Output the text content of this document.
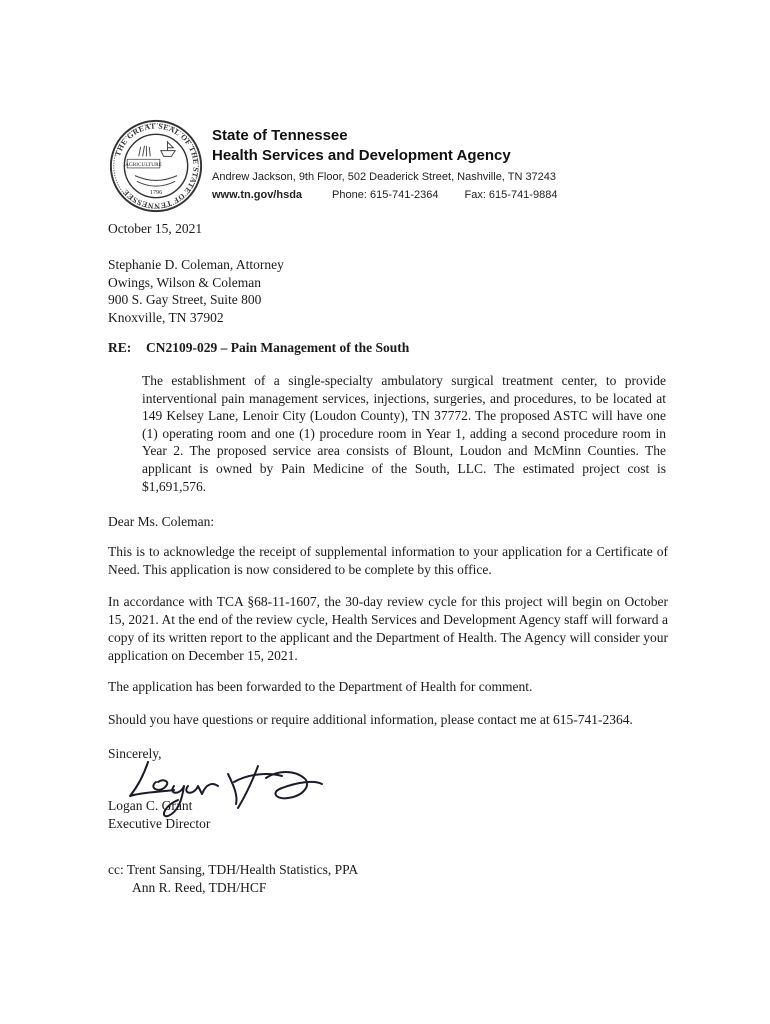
THE GREAT SEAL OF THE STATE OF TENNESSEE
AGRICULTURE
1796
State of Tennessee
Health Services and Development Agency
Andrew Jackson, 9th Floor, 502 Deaderick Street, Nashville, TN 37243
www.tn.gov/hsda	Phone: 615-741-2364 Fax: 615-741-9884
October 15, 2021
Stephanie D. Coleman, Attorney
Owings, Wilson & Coleman
900 S. Gay Street, Suite 800
Knoxville, TN 37902
RE: CN2109-029 – Pain Management of the South
The establishment of a single-specialty ambulatory surgical treatment center, to provide interventional pain management services, injections, surgeries, and procedures, to be located at 149 Kelsey Lane, Lenoir City (Loudon County), TN 37772. The proposed ASTC will have one (1) operating room and one (1) procedure room in Year 1, adding a second procedure room in Year 2. The proposed service area consists of Blount, Loudon and McMinn Counties. The applicant is owned by Pain Medicine of the South, LLC. The estimated project cost is $1,691,576.
Dear Ms. Coleman:
This is to acknowledge the receipt of supplemental information to your application for a Certificate of Need. This application is now considered to be complete by this office.
In accordance with TCA §68-11-1607, the 30-day review cycle for this project will begin on October 15, 2021. At the end of the review cycle, Health Services and Development Agency staff will forward a copy of its written report to the applicant and the Department of Health. The Agency will consider your application on December 15, 2021.
The application has been forwarded to the Department of Health for comment.
Should you have questions or require additional information, please contact me at 615-741-2364.
Sincerely,
Logan C. Grant
Executive Director
cc: Trent Sansing, TDH/Health Statistics, PPA
Ann R. Reed, TDH/HCF
